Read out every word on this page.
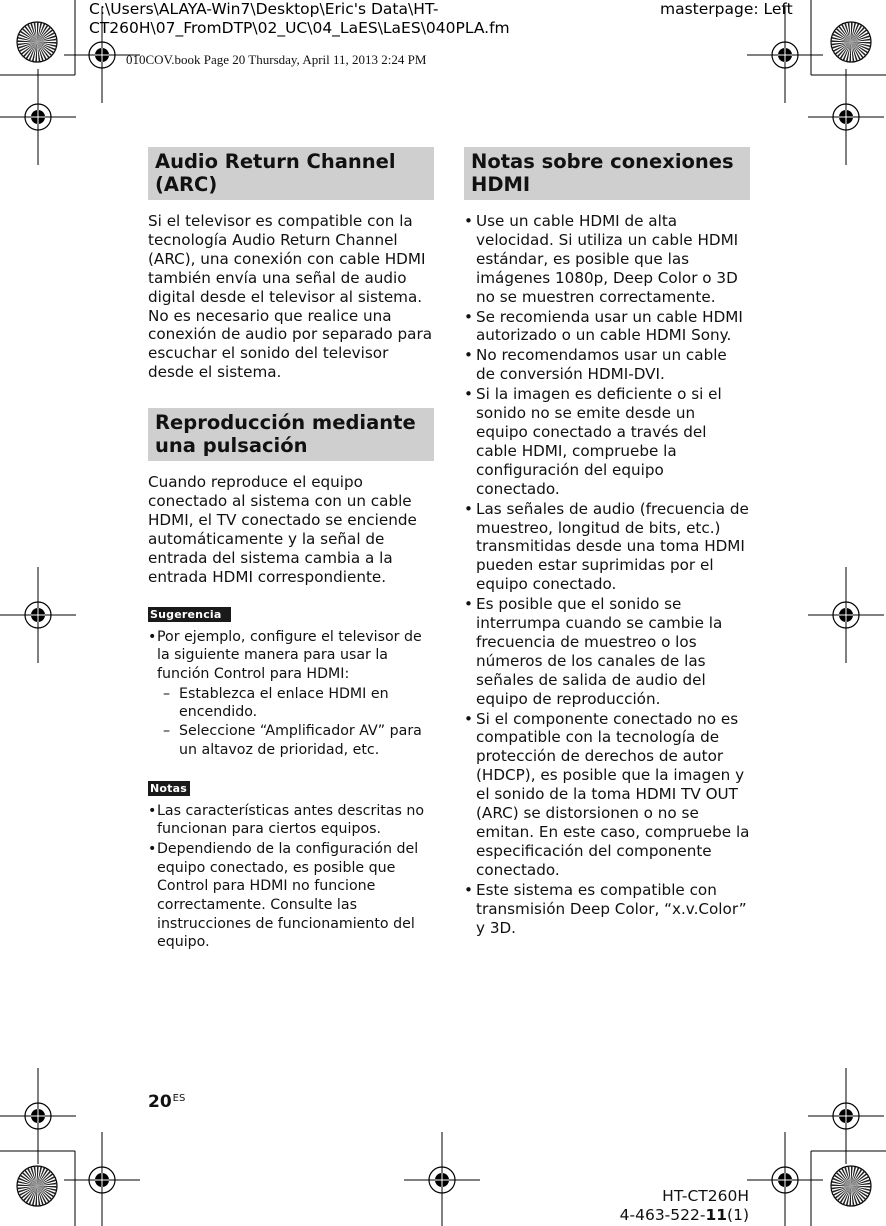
C:\Users\ALAYA-Win7\Desktop\Eric's Data\HT-CT260H\07_FromDTP\02_UC\04_LaES\LaES\040PLA.fm
masterpage: Left
010COV.book Page 20 Thursday, April 11, 2013 2:24 PM
Audio Return Channel (ARC)

Si el televisor es compatible con la tecnología Audio Return Channel (ARC), una conexión con cable HDMI también envía una señal de audio digital desde el televisor al sistema. No es necesario que realice una conexión de audio por separado para escuchar el sonido del televisor desde el sistema.

Reproducción mediante una pulsación

Cuando reproduce el equipo conectado al sistema con un cable HDMI, el TV conectado se enciende automáticamente y la señal de entrada del sistema cambia a la entrada HDMI correspondiente.

Sugerencia
• Por ejemplo, configure el televisor de la siguiente manera para usar la función Control para HDMI:
– Establezca el enlace HDMI en encendido.
– Seleccione “Amplificador AV” para un altavoz de prioridad, etc.
Notas
• Las características antes descritas no funcionan para ciertos equipos.
• Dependiendo de la configuración del equipo conectado, es posible que Control para HDMI no funcione correctamente. Consulte las instrucciones de funcionamiento del equipo.
Notas sobre conexiones HDMI
• Use un cable HDMI de alta velocidad. Si utiliza un cable HDMI estándar, es posible que las imágenes 1080p, Deep Color o 3D no se muestren correctamente.
• Se recomienda usar un cable HDMI autorizado o un cable HDMI Sony.
• No recomendamos usar un cable de conversión HDMI-DVI.
• Si la imagen es deficiente o si el sonido no se emite desde un equipo conectado a través del cable HDMI, compruebe la configuración del equipo conectado.
• Las señales de audio (frecuencia de muestreo, longitud de bits, etc.) transmitidas desde una toma HDMI pueden estar suprimidas por el equipo conectado.
• Es posible que el sonido se interrumpa cuando se cambie la frecuencia de muestreo o los números de los canales de las señales de salida de audio del equipo de reproducción.
• Si el componente conectado no es compatible con la tecnología de protección de derechos de autor (HDCP), es posible que la imagen y el sonido de la toma HDMI TV OUT (ARC) se distorsionen o no se emitan. En este caso, compruebe la especificación del componente conectado.
• Este sistema es compatible con transmisión Deep Color, “x.v.Color” y 3D.
$20^{ES}$
HT-CT260H
4-463-522-11(1)
